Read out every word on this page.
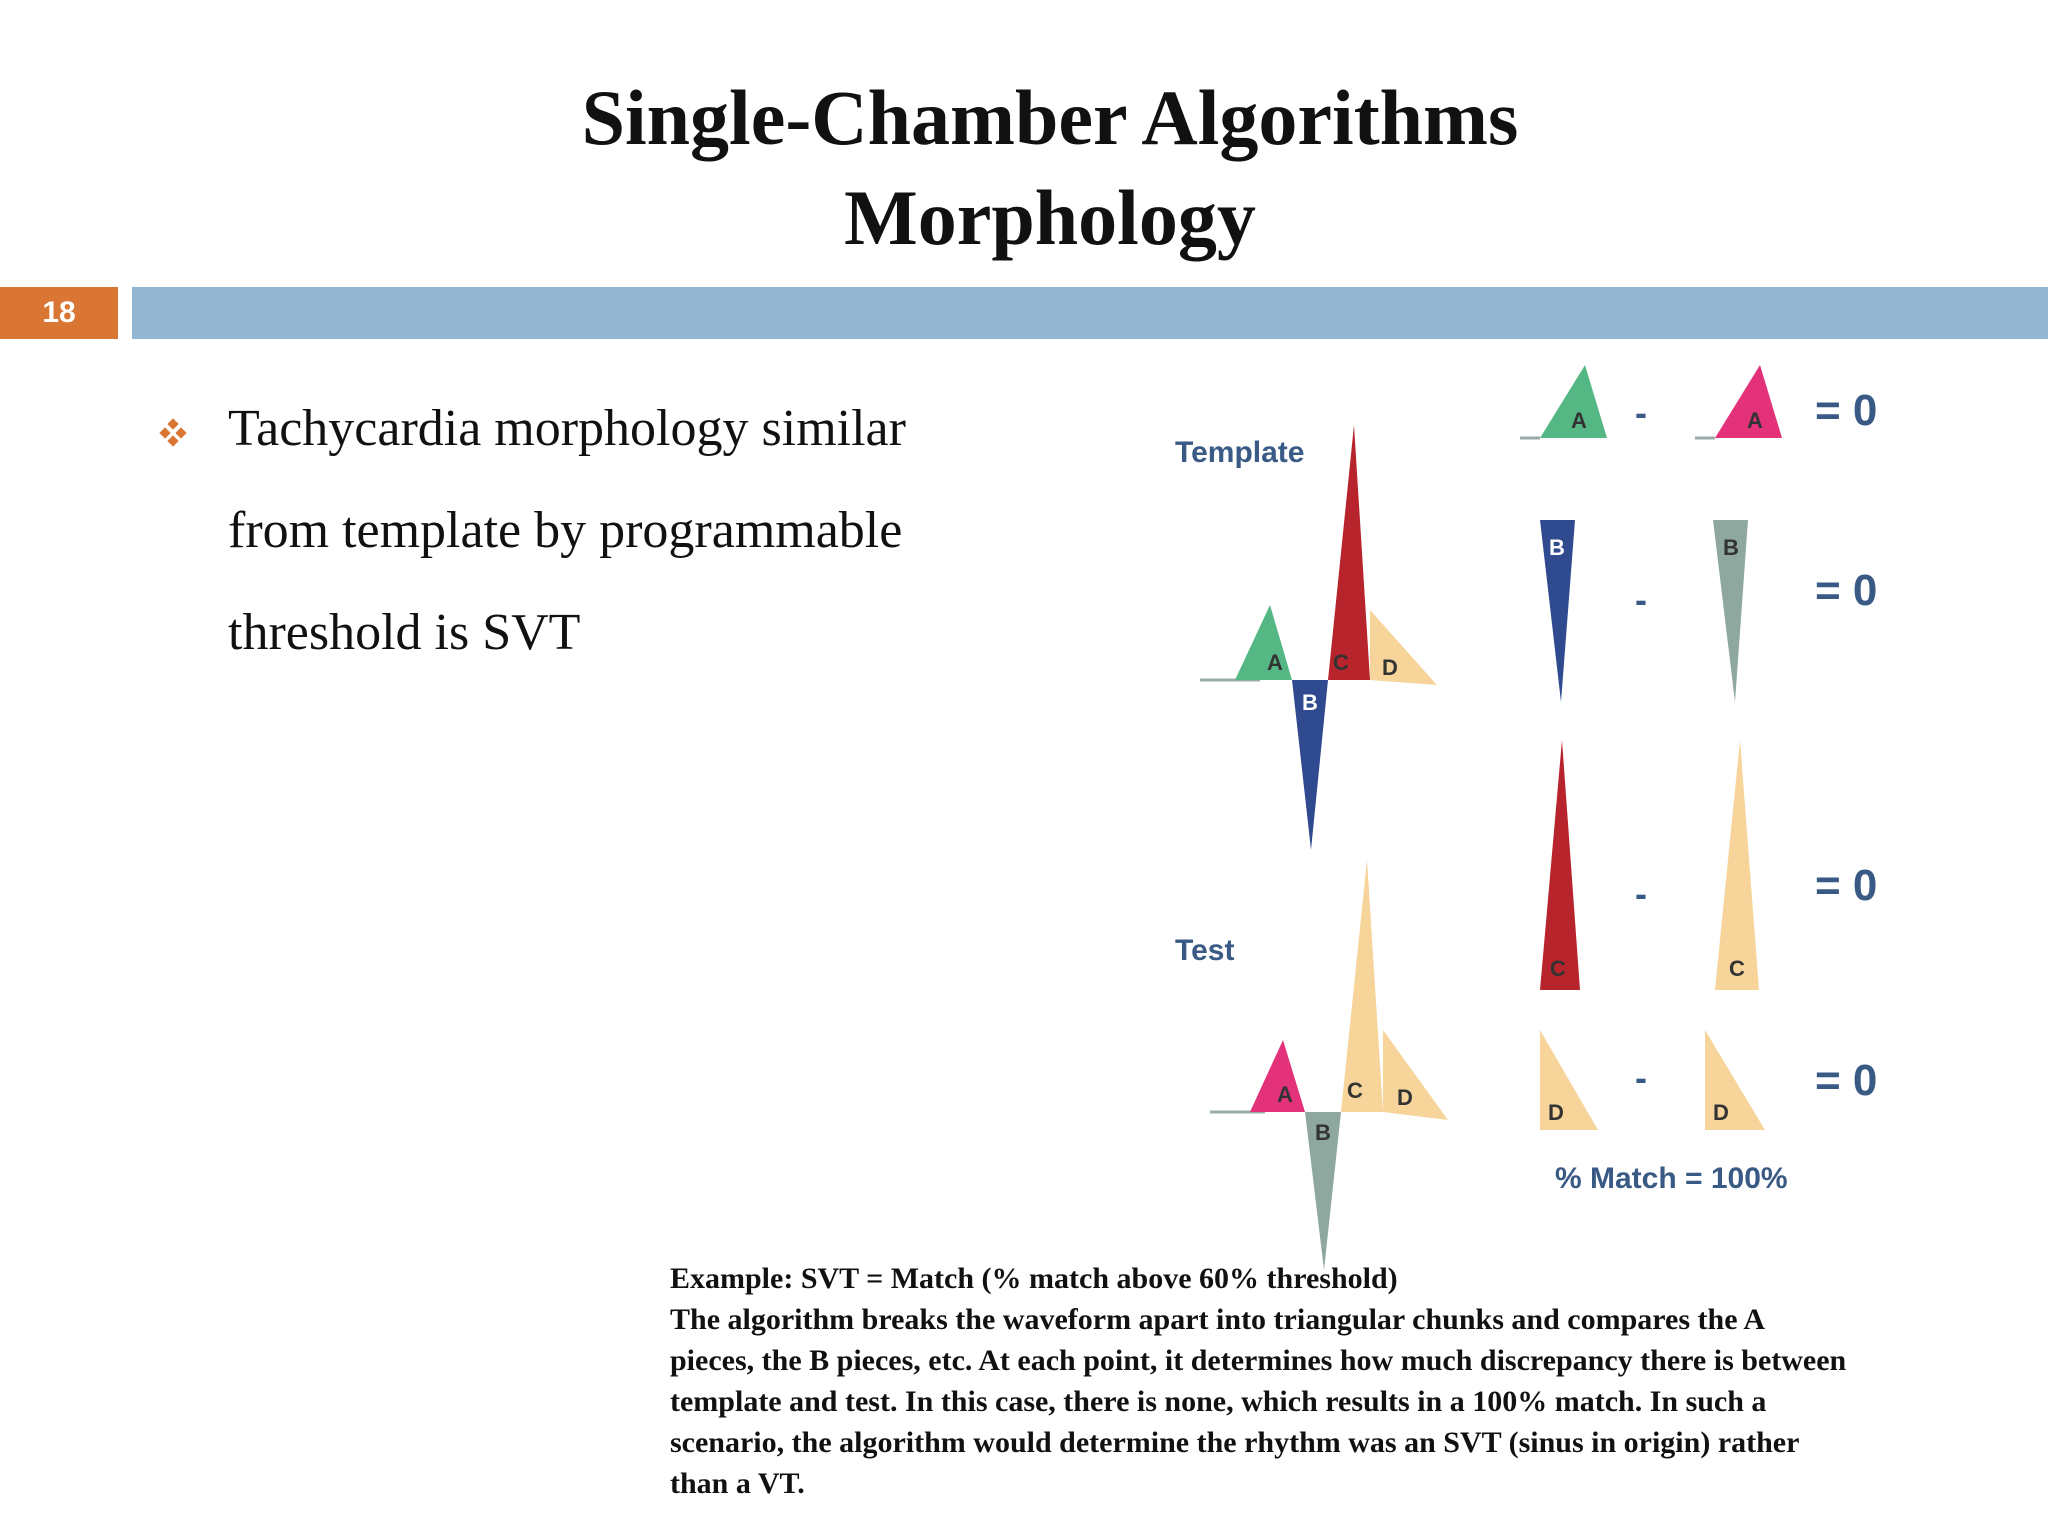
Single-Chamber Algorithms
Morphology
18
Tachycardia morphology similar
from template by programmable
threshold is SVT
Template
Test
A
B
C D
A
B
C D
A -	A = 0
B
-
B
= 0
C
-
C
= 0
D
-
D
= 0
% Match = 100%
Example: SVT = Match (% match above 60% threshold)
The algorithm breaks the waveform apart into triangular chunks and compares the A
pieces, the B pieces, etc. At each point, it determines how much discrepancy there is between
template and test. In this case, there is none, which results in a 100% match. In such a
scenario, the algorithm would determine the rhythm was an SVT (sinus in origin) rather
than a VT.
